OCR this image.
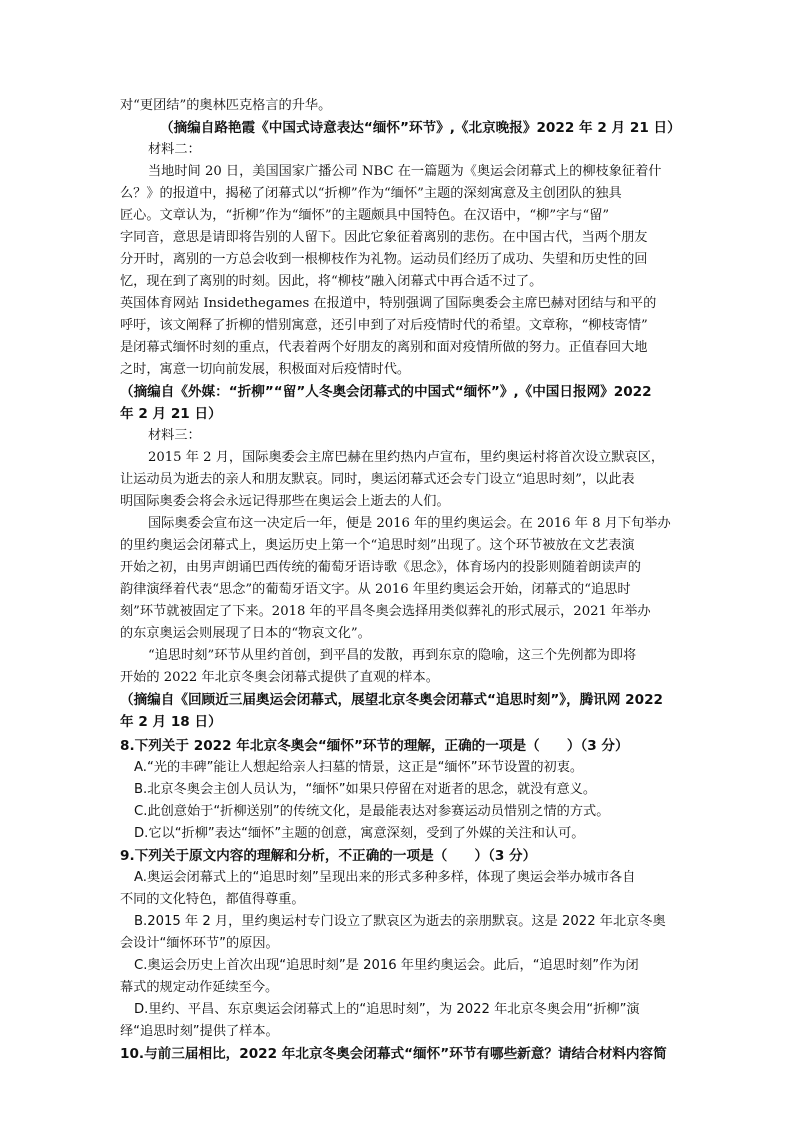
对“更团结”的奥林匹克格言的升华。
（摘编自路艳霞《中国式诗意表达“缅怀”环节》,《北京晚报》2022 年 2 月 21 日）
材料二：
当地时间 20 日，美国国家广播公司 NBC 在一篇题为《奥运会闭幕式上的柳枝象征着什
么？》的报道中，揭秘了闭幕式以“折柳”作为“缅怀”主题的深刻寓意及主创团队的独具
匠心。文章认为，“折柳”作为“缅怀”的主题颇具中国特色。在汉语中，“柳”字与“留”
字同音，意思是请即将告别的人留下。因此它象征着离别的悲伤。在中国古代，当两个朋友
分开时，离别的一方总会收到一根柳枝作为礼物。运动员们经历了成功、失望和历史性的回
忆，现在到了离别的时刻。因此，将“柳枝”融入闭幕式中再合适不过了。
英国体育网站 Insidethegames 在报道中，特别强调了国际奥委会主席巴赫对团结与和平的
呼吁，该文阐释了折柳的惜别寓意，还引申到了对后疫情时代的希望。文章称，“柳枝寄情”
是闭幕式缅怀时刻的重点，代表着两个好朋友的离别和面对疫情所做的努力。正值春回大地
之时，寓意一切向前发展，积极面对后疫情时代。
（摘编自《外媒：“折柳”“留”人冬奥会闭幕式的中国式“缅怀”》,《中国日报网》2022
年 2 月 21 日）
材料三：
2015 年 2 月，国际奥委会主席巴赫在里约热内卢宣布，里约奥运村将首次设立默哀区，
让运动员为逝去的亲人和朋友默哀。同时，奥运闭幕式还会专门设立“追思时刻”，以此表
明国际奥委会将会永远记得那些在奥运会上逝去的人们。
国际奥委会宣布这一决定后一年，便是 2016 年的里约奥运会。在 2016 年 8 月下旬举办
的里约奥运会闭幕式上，奥运历史上第一个“追思时刻”出现了。这个环节被放在文艺表演
开始之初，由男声朗诵巴西传统的葡萄牙语诗歌《思念》，体育场内的投影则随着朗读声的
韵律演绎着代表“思念”的葡萄牙语文字。从 2016 年里约奥运会开始，闭幕式的“追思时
刻”环节就被固定了下来。2018 年的平昌冬奥会选择用类似葬礼的形式展示，2021 年举办
的东京奥运会则展现了日本的“物哀文化”。
“追思时刻”环节从里约首创，到平昌的发散，再到东京的隐喻，这三个先例都为即将
开始的 2022 年北京冬奥会闭幕式提供了直观的样本。
（摘编自《回顾近三届奥运会闭幕式，展望北京冬奥会闭幕式“追思时刻”》，腾讯网 2022
年 2 月 18 日）
8.下列关于 2022 年北京冬奥会“缅怀”环节的理解，正确的一项是（　　）（3 分）
A.“光的丰碑”能让人想起给亲人扫墓的情景，这正是“缅怀”环节设置的初衷。
B.北京冬奥会主创人员认为，“缅怀”如果只停留在对逝者的思念，就没有意义。
C.此创意始于“折柳送别”的传统文化，是最能表达对参赛运动员惜别之情的方式。
D.它以“折柳”表达“缅怀”主题的创意，寓意深刻，受到了外媒的关注和认可。
9.下列关于原文内容的理解和分析，不正确的一项是（　　）（3 分）
A.奥运会闭幕式上的“追思时刻”呈现出来的形式多种多样，体现了奥运会举办城市各自
不同的文化特色，都值得尊重。
B.2015 年 2 月，里约奥运村专门设立了默哀区为逝去的亲朋默哀。这是 2022 年北京冬奥
会设计“缅怀环节”的原因。
C.奥运会历史上首次出现“追思时刻”是 2016 年里约奥运会。此后，“追思时刻”作为闭
幕式的规定动作延续至今。
D.里约、平昌、东京奥运会闭幕式上的“追思时刻”，为 2022 年北京冬奥会用“折柳”演
绎“追思时刻”提供了样本。
10.与前三届相比，2022 年北京冬奥会闭幕式“缅怀”环节有哪些新意？请结合材料内容简
